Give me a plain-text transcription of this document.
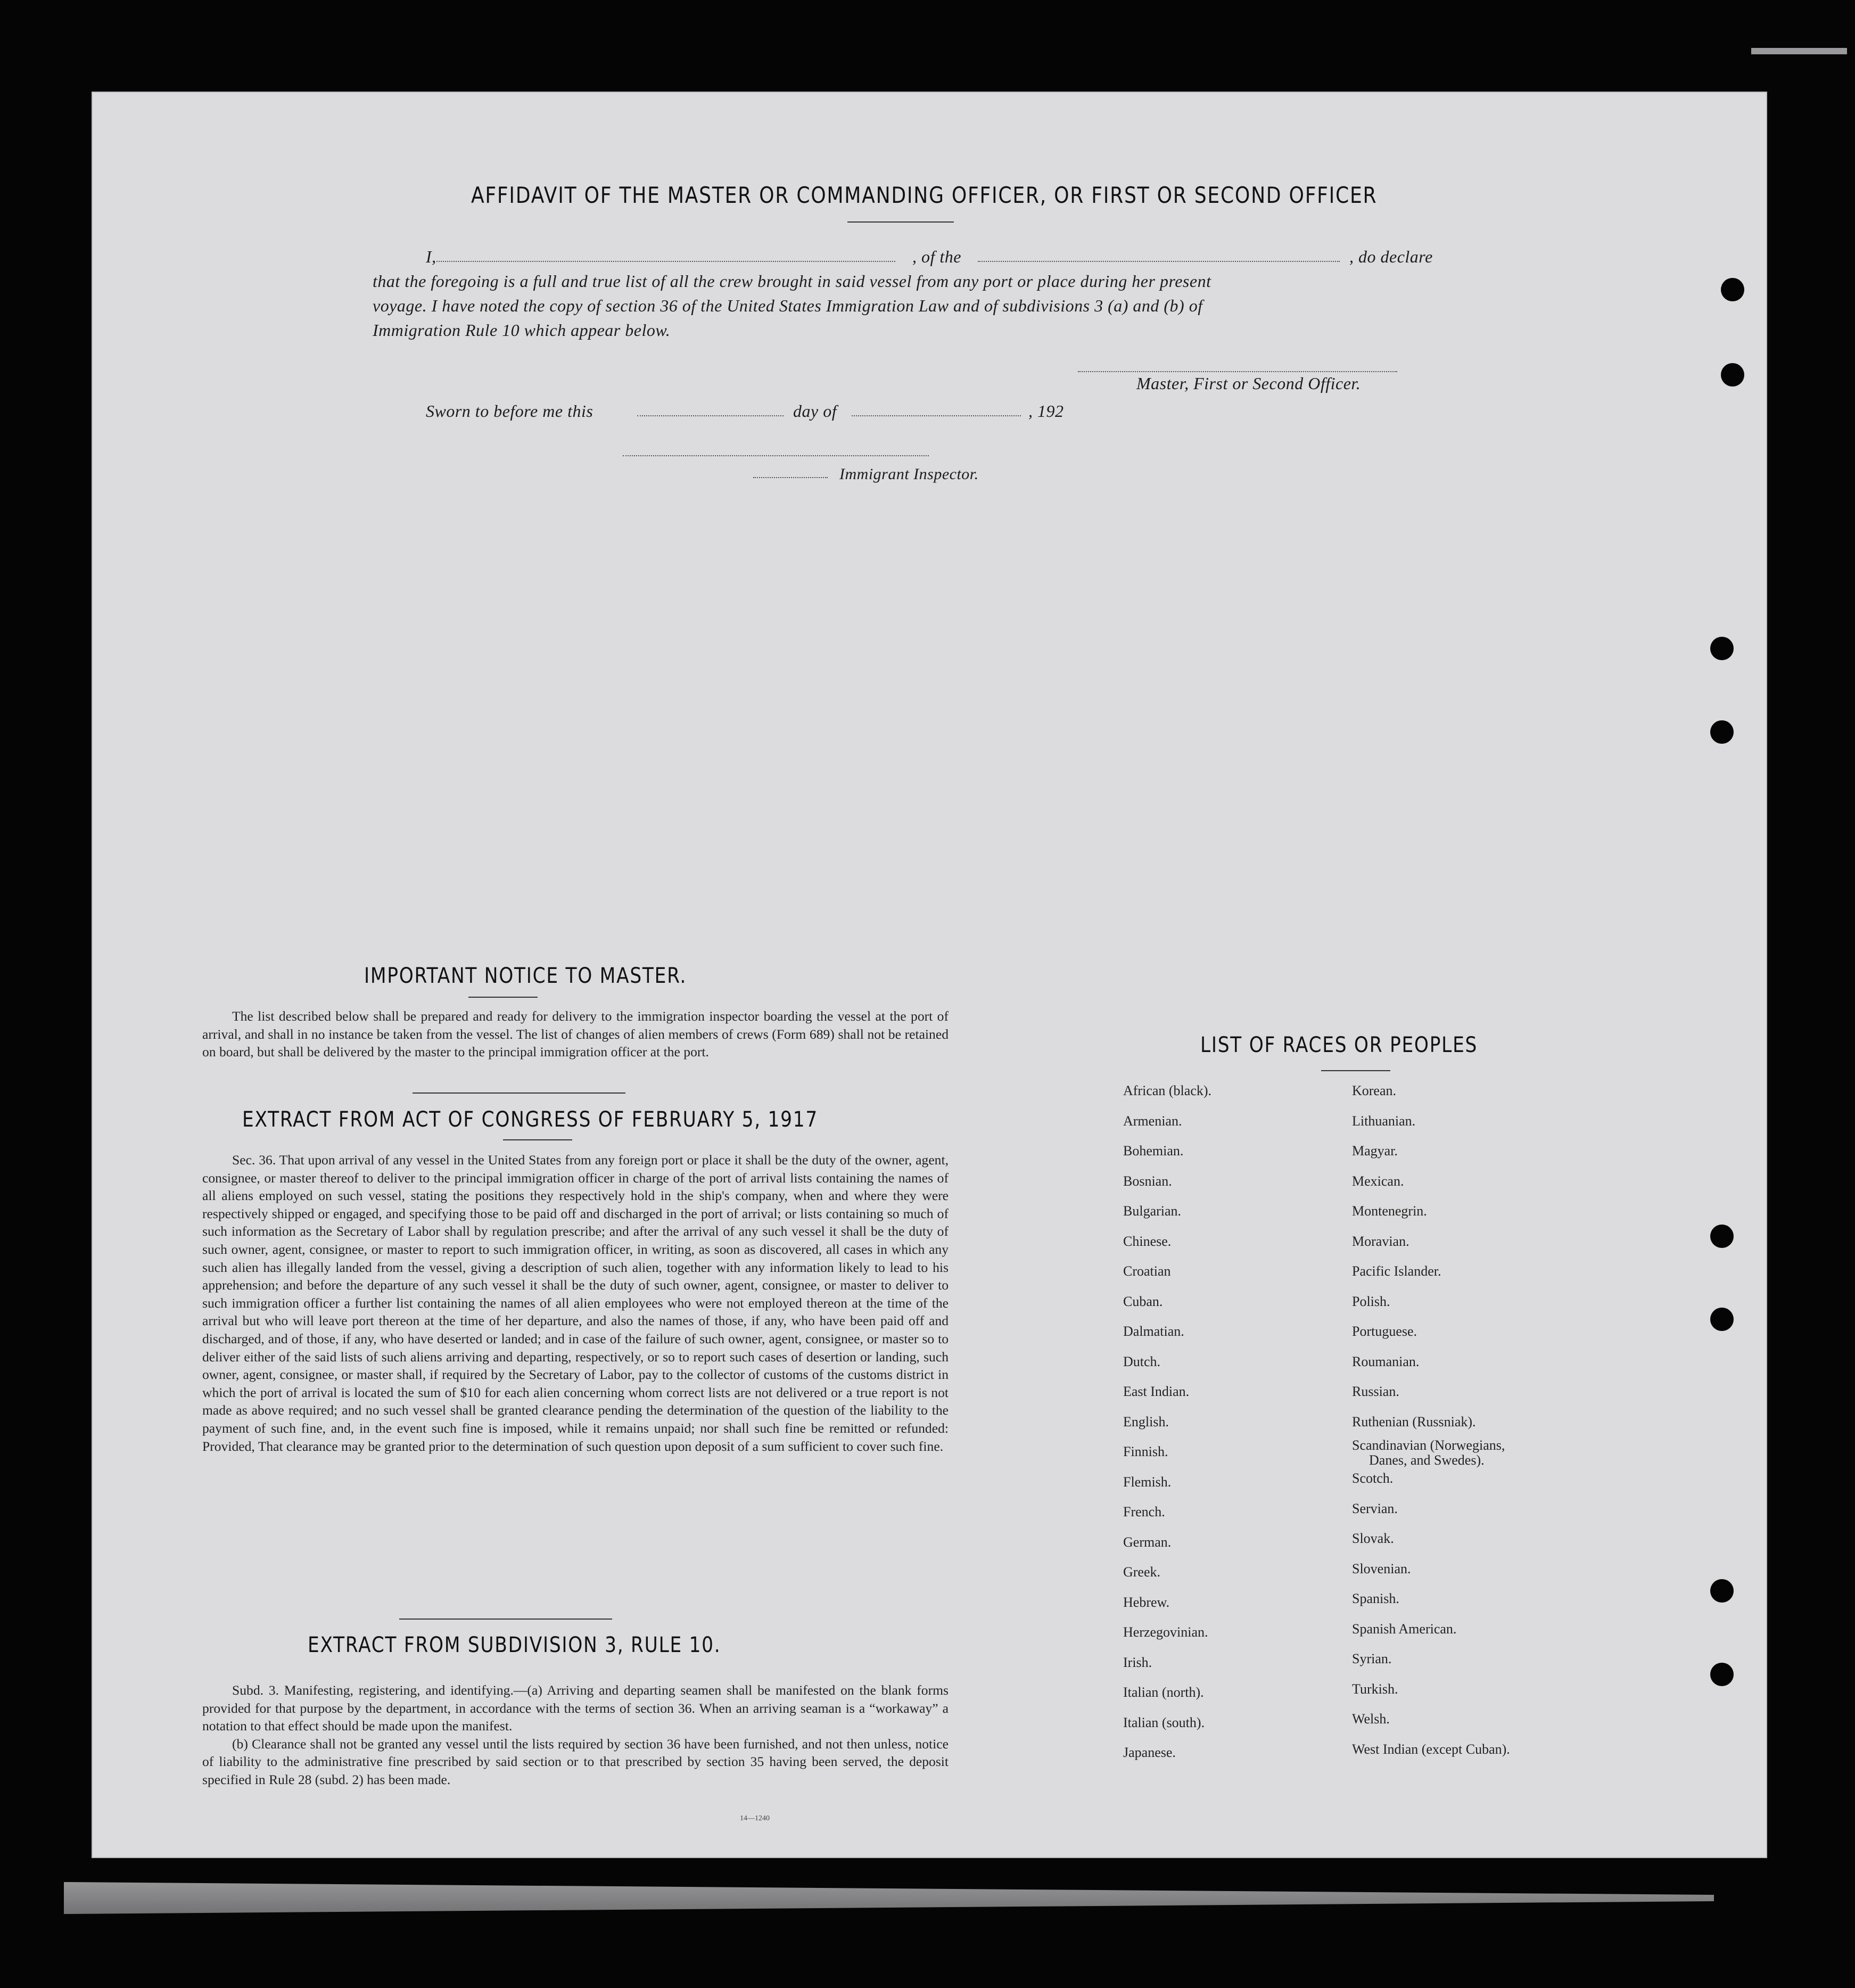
AFFIDAVIT OF THE MASTER OR COMMANDING OFFICER, OR FIRST OR SECOND OFFICER
I,	, of the	, do declare
that the foregoing is a full and true list of all the crew brought in said vessel from any port or place during her present
voyage. I have noted the copy of section 36 of the United States Immigration Law and of subdivisions 3 (a) and (b) of
Immigration Rule 10 which appear below.
Master, First or Second Officer.
Sworn to before me this	day of	, 192
Immigrant Inspector.
IMPORTANT NOTICE TO MASTER.

The list described below shall be prepared and ready for delivery to the immigration inspector boarding the vessel at the port of arrival, and shall in no instance be taken from the vessel. The list of changes of alien members of crews (Form 689) shall not be retained on board, but shall be delivered by the master to the principal immigration officer at the port.

EXTRACT FROM ACT OF CONGRESS OF FEBRUARY 5, 1917

Sec. 36. That upon arrival of any vessel in the United States from any foreign port or place it shall be the duty of the owner, agent, consignee, or master thereof to deliver to the principal immigration officer in charge of the port of arrival lists containing the names of all aliens employed on such vessel, stating the positions they respectively hold in the ship's company, when and where they were respectively shipped or engaged, and specifying those to be paid off and discharged in the port of arrival; or lists containing so much of such information as the Secretary of Labor shall by regulation prescribe; and after the arrival of any such vessel it shall be the duty of such owner, agent, consignee, or master to report to such immigration officer, in writing, as soon as discovered, all cases in which any such alien has illegally landed from the vessel, giving a description of such alien, together with any information likely to lead to his apprehension; and before the departure of any such vessel it shall be the duty of such owner, agent, consignee, or master to deliver to such immigration officer a further list containing the names of all alien employees who were not employed thereon at the time of the arrival but who will leave port thereon at the time of her departure, and also the names of those, if any, who have been paid off and discharged, and of those, if any, who have deserted or landed; and in case of the failure of such owner, agent, consignee, or master so to deliver either of the said lists of such aliens arriving and departing, respectively, or so to report such cases of desertion or landing, such owner, agent, consignee, or master shall, if required by the Secretary of Labor, pay to the collector of customs of the customs district in which the port of arrival is located the sum of $10 for each alien concerning whom correct lists are not delivered or a true report is not made as above required; and no such vessel shall be granted clearance pending the determination of the question of the liability to the payment of such fine, and, in the event such fine is imposed, while it remains unpaid; nor shall such fine be remitted or refunded: Provided, That clearance may be granted prior to the determination of such question upon deposit of a sum sufficient to cover such fine.

EXTRACT FROM SUBDIVISION 3, RULE 10.

Subd. 3. Manifesting, registering, and identifying.—(a) Arriving and departing seamen shall be manifested on the blank forms provided for that purpose by the department, in accordance with the terms of section 36. When an arriving seaman is a “workaway” a notation to that effect should be made upon the manifest.

(b) Clearance shall not be granted any vessel until the lists required by section 36 have been furnished, and not then unless, notice of liability to the administrative fine prescribed by said section or to that prescribed by section 35 having been served, the deposit specified in Rule 28 (subd. 2) has been made.

14—1240
LIST OF RACES OR PEOPLES
African (black).
Armenian.
Bohemian.
Bosnian.
Bulgarian.
Chinese.
Croatian
Cuban.
Dalmatian.
Dutch.
East Indian.
English.
Finnish.
Flemish.
French.
German.
Greek.
Hebrew.
Herzegovinian.
Irish.
Italian (north).
Italian (south).
Japanese.
Korean.
Lithuanian.
Magyar.
Mexican.
Montenegrin.
Moravian.
Pacific Islander.
Polish.
Portuguese.
Roumanian.
Russian.
Ruthenian (Russniak).
Scandinavian (Norwegians,
Danes, and Swedes).
Scotch.
Servian.
Slovak.
Slovenian.
Spanish.
Spanish American.
Syrian.
Turkish.
Welsh.
West Indian (except Cuban).
